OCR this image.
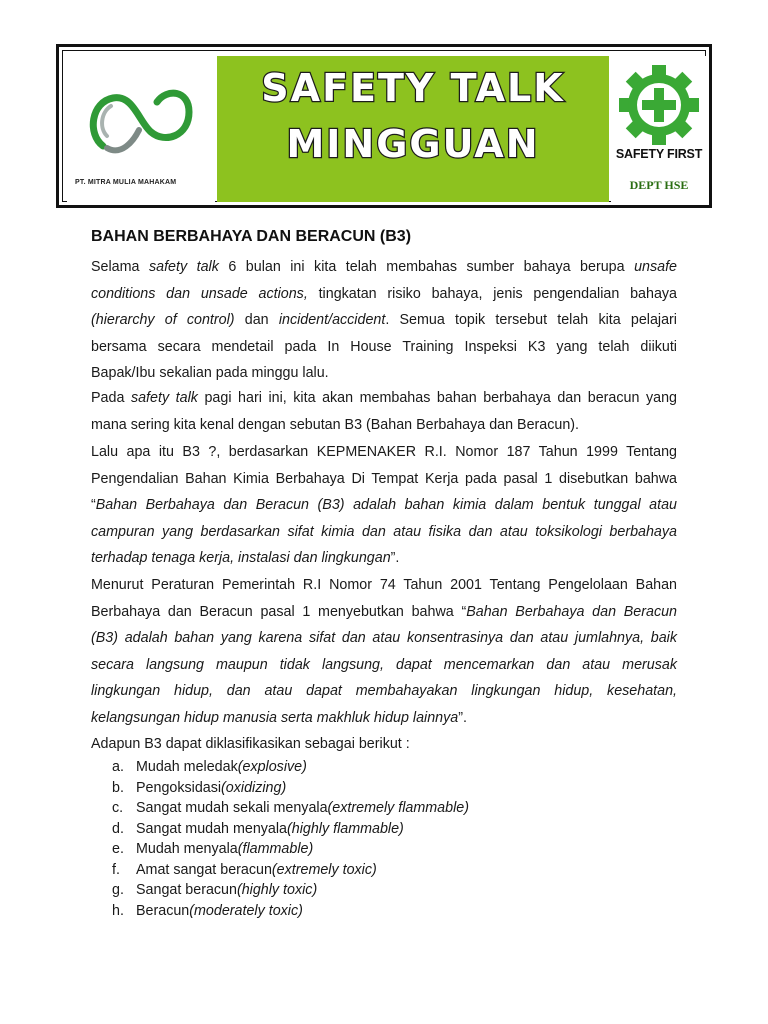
PT. MITRA MULIA MAHAKAM
SAFETY TALK
MINGGUAN	SAFETY FIRST
DEPT HSE
BAHAN BERBAHAYA DAN BERACUN (B3)
Selama safety talk 6 bulan ini kita telah membahas sumber bahaya berupa unsafe
conditions dan unsade actions, tingkatan risiko bahaya, jenis pengendalian bahaya
(hierarchy of control) dan incident/accident. Semua topik tersebut telah kita pelajari
bersama secara mendetail pada In House Training Inspeksi K3 yang telah diikuti
Bapak/Ibu sekalian pada minggu lalu.
Pada safety talk pagi hari ini, kita akan membahas bahan berbahaya dan beracun yang
mana sering kita kenal dengan sebutan B3 (Bahan Berbahaya dan Beracun).
Lalu apa itu B3 ?, berdasarkan KEPMENAKER R.I. Nomor 187 Tahun 1999 Tentang
Pengendalian Bahan Kimia Berbahaya Di Tempat Kerja pada pasal 1 disebutkan bahwa
“Bahan Berbahaya dan Beracun (B3) adalah bahan kimia dalam bentuk tunggal atau
campuran yang berdasarkan sifat kimia dan atau fisika dan atau toksikologi berbahaya
terhadap tenaga kerja, instalasi dan lingkungan”.
Menurut Peraturan Pemerintah R.I Nomor 74 Tahun 2001 Tentang Pengelolaan Bahan
Berbahaya dan Beracun pasal 1 menyebutkan bahwa “Bahan Berbahaya dan Beracun
(B3) adalah bahan yang karena sifat dan atau konsentrasinya dan atau jumlahnya, baik
secara langsung maupun tidak langsung, dapat mencemarkan dan atau merusak
lingkungan hidup, dan atau dapat membahayakan lingkungan hidup, kesehatan,
kelangsungan hidup manusia serta makhluk hidup lainnya”.
Adapun B3 dapat diklasifikasikan sebagai berikut :
a. Mudah meledak (explosive)
b. Pengoksidasi (oxidizing)
c. Sangat mudah sekali menyala (extremely flammable)
d. Sangat mudah menyala (highly flammable)
e. Mudah menyala (flammable)
f.	Amat sangat beracun (extremely toxic)
g. Sangat beracun (highly toxic)
h. Beracun (moderately toxic)
